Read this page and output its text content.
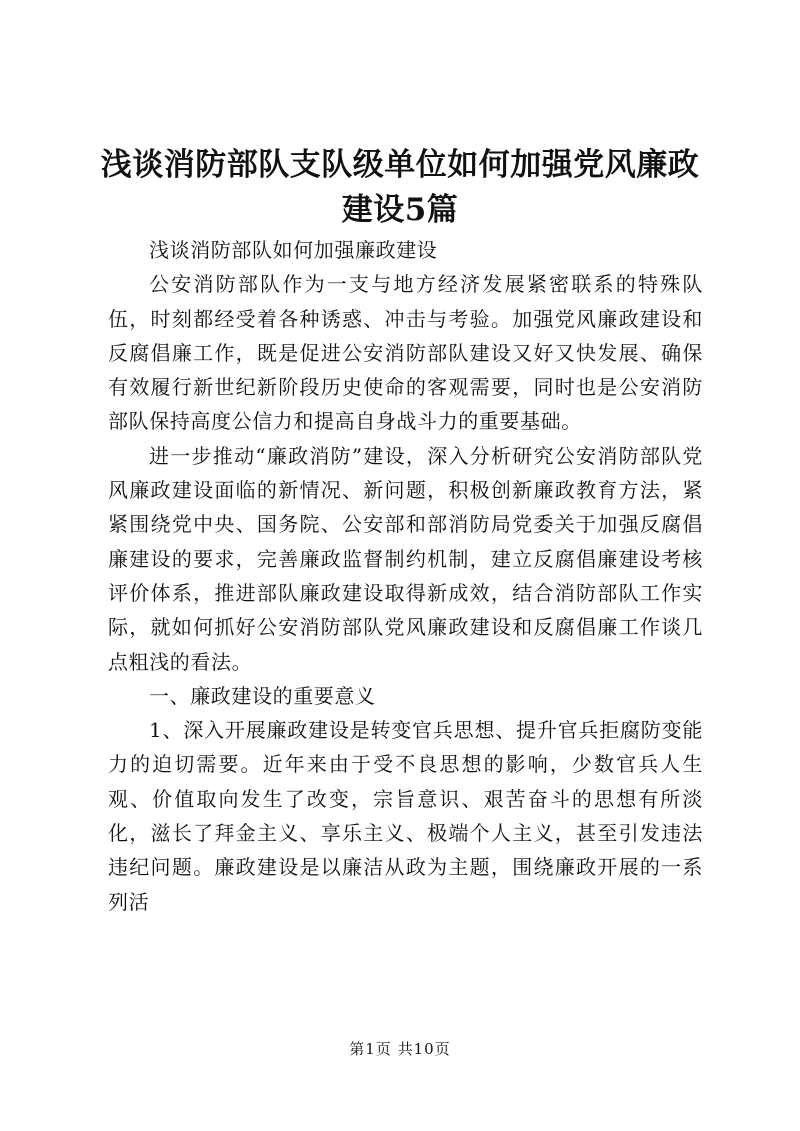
浅谈消防部队支队级单位如何加强党风廉政建设5篇

浅谈消防部队如何加强廉政建设

公安消防部队作为一支与地方经济发展紧密联系的特殊队伍，时刻都经受着各种诱惑、冲击与考验。加强党风廉政建设和反腐倡廉工作，既是促进公安消防部队建设又好又快发展、确保有效履行新世纪新阶段历史使命的客观需要，同时也是公安消防部队保持高度公信力和提高自身战斗力的重要基础。

进一步推动“廉政消防”建设，深入分析研究公安消防部队党风廉政建设面临的新情况、新问题，积极创新廉政教育方法，紧紧围绕党中央、国务院、公安部和部消防局党委关于加强反腐倡廉建设的要求，完善廉政监督制约机制，建立反腐倡廉建设考核评价体系，推进部队廉政建设取得新成效，结合消防部队工作实际，就如何抓好公安消防部队党风廉政建设和反腐倡廉工作谈几点粗浅的看法。

一、廉政建设的重要意义

1、深入开展廉政建设是转变官兵思想、提升官兵拒腐防变能力的迫切需要。近年来由于受不良思想的影响，少数官兵人生观、价值取向发生了改变，宗旨意识、艰苦奋斗的思想有所淡化，滋长了拜金主义、享乐主义、极端个人主义，甚至引发违法违纪问题。廉政建设是以廉洁从政为主题，围绕廉政开展的一系列活

第1页 共10页
